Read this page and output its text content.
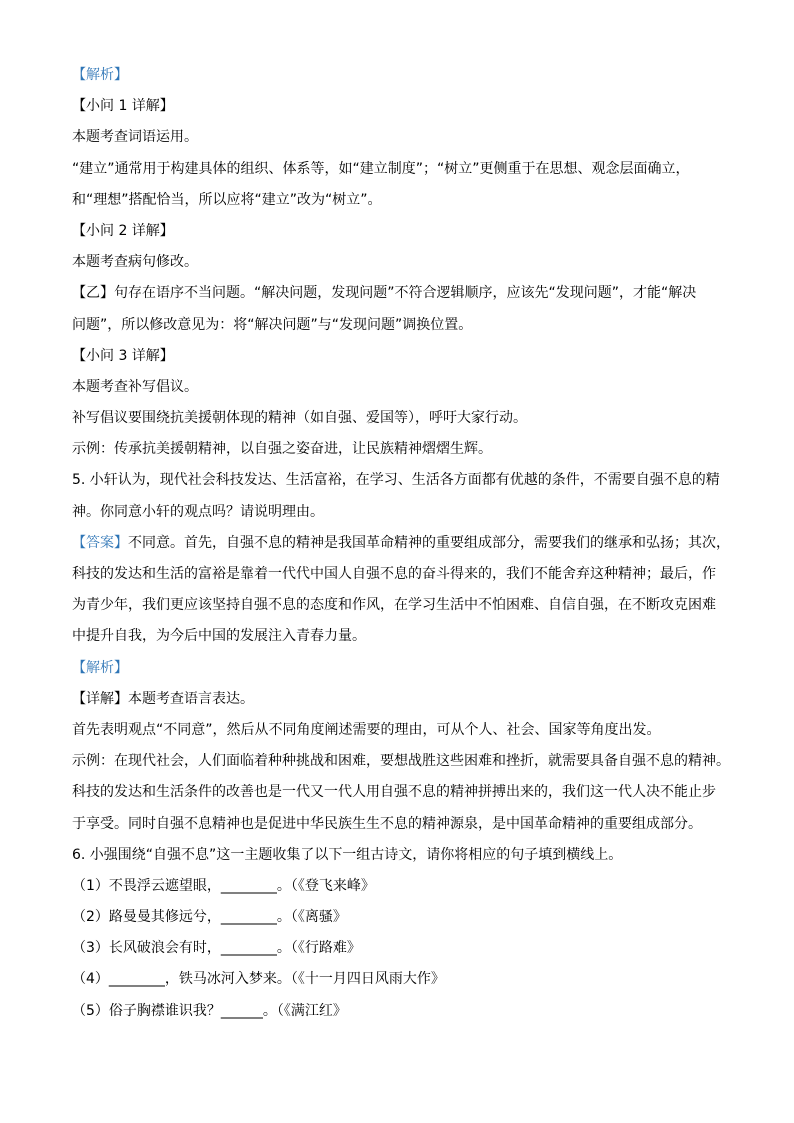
【解析】
【小问 1 详解】
本题考查词语运用。
“建立”通常用于构建具体的组织、体系等，如“建立制度”；“树立”更侧重于在思想、观念层面确立，
和“理想”搭配恰当，所以应将“建立”改为“树立”。
【小问 2 详解】
本题考查病句修改。
【乙】句存在语序不当问题。“解决问题，发现问题”不符合逻辑顺序，应该先“发现问题”，才能“解决
问题”，所以修改意见为：将“解决问题”与“发现问题”调换位置。
【小问 3 详解】
本题考查补写倡议。
补写倡议要围绕抗美援朝体现的精神（如自强、爱国等），呼吁大家行动。
示例：传承抗美援朝精神，以自强之姿奋进，让民族精神熠熠生辉。
5. 小轩认为，现代社会科技发达、生活富裕，在学习、生活各方面都有优越的条件，不需要自强不息的精
神。你同意小轩的观点吗？请说明理由。
【答案】不同意。首先，自强不息的精神是我国革命精神的重要组成部分，需要我们的继承和弘扬；其次，
科技的发达和生活的富裕是靠着一代代中国人自强不息的奋斗得来的，我们不能舍弃这种精神；最后，作
为青少年，我们更应该坚持自强不息的态度和作风，在学习生活中不怕困难、自信自强，在不断攻克困难
中提升自我，为今后中国的发展注入青春力量。
【解析】
【详解】本题考查语言表达。
首先表明观点“不同意”，然后从不同角度阐述需要的理由，可从个人、社会、国家等角度出发。
示例：在现代社会，人们面临着种种挑战和困难，要想战胜这些困难和挫折，就需要具备自强不息的精神。
科技的发达和生活条件的改善也是一代又一代人用自强不息的精神拼搏出来的，我们这一代人决不能止步
于享受。同时自强不息精神也是促进中华民族生生不息的精神源泉，是中国革命精神的重要组成部分。
6. 小强围绕“自强不息”这一主题收集了以下一组古诗文，请你将相应的句子填到横线上。
（1）不畏浮云遮望眼，________。（《登飞来峰》
（2）路曼曼其修远兮，________。（《离骚》
（3）长风破浪会有时，________。（《行路难》
（4）________，铁马冰河入梦来。（《十一月四日风雨大作》
（5）俗子胸襟谁识我？______。（《满江红》
